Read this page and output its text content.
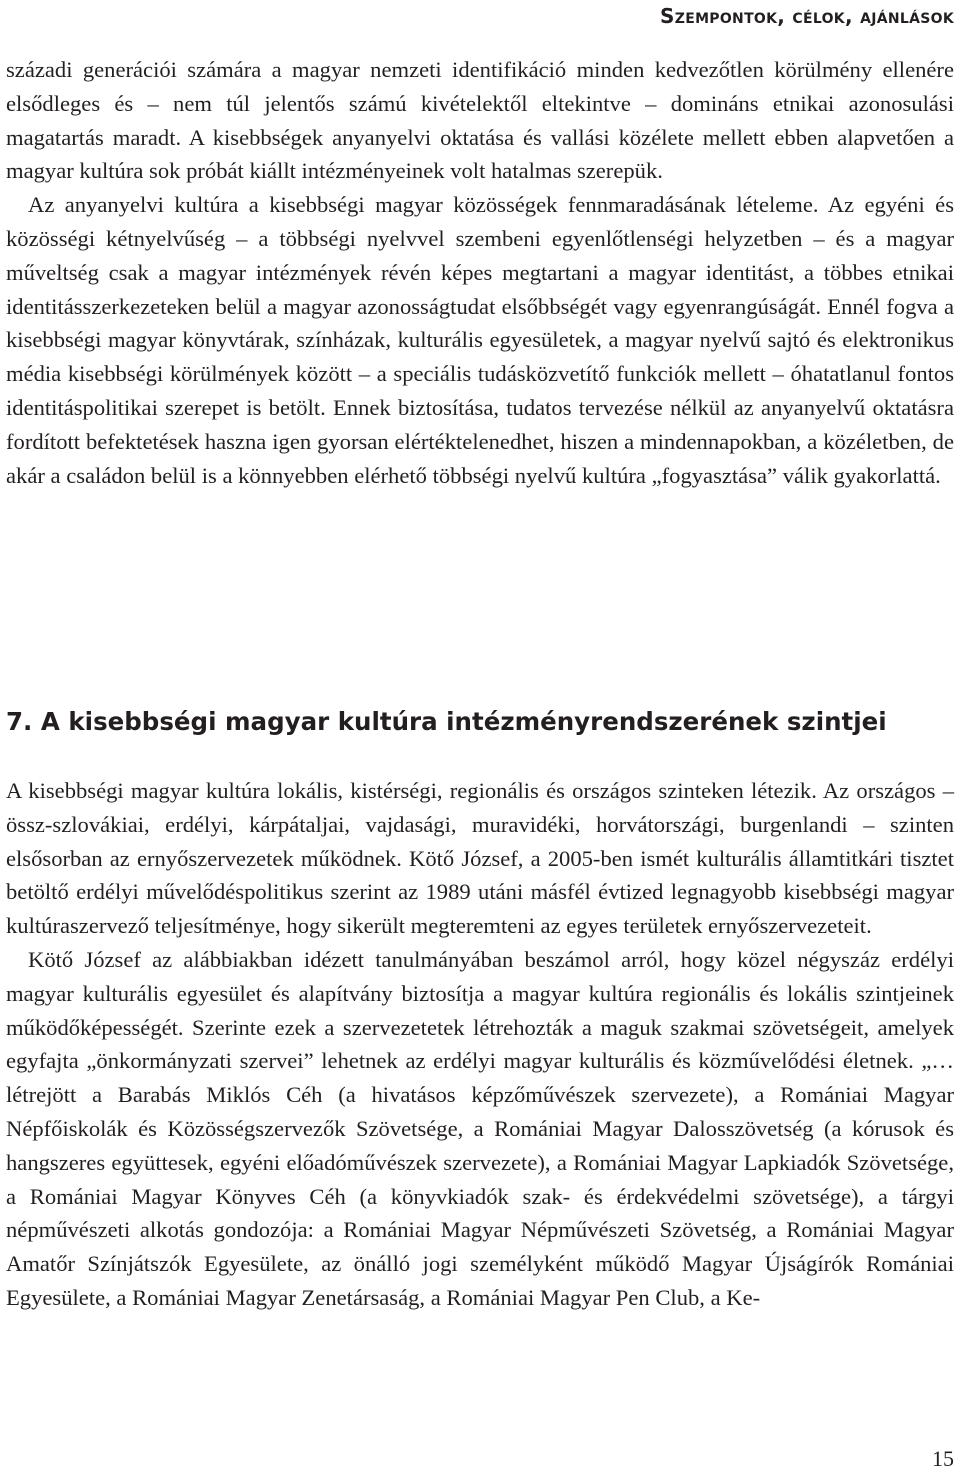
Szempontok, célok, ajánlások

századi generációi számára a magyar nemzeti identifikáció minden kedvezőtlen körülmény ellenére elsődleges és – nem túl jelentős számú kivételektől eltekintve – domináns etnikai azonosulási magatartás maradt. A kisebbségek anyanyelvi oktatása és vallási közélete mellett ebben alapvetően a magyar kultúra sok próbát kiállt intézményeinek volt hatalmas szerepük.

Az anyanyelvi kultúra a kisebbségi magyar közösségek fennmaradásának lételeme. Az egyéni és közösségi kétnyelvűség – a többségi nyelvvel szembeni egyenlőtlenségi helyzetben – és a magyar műveltség csak a magyar intézmények révén képes megtartani a magyar identitást, a többes etnikai identitásszerkezeteken belül a magyar azonosságtudat elsőbbségét vagy egyenrangúságát. Ennél fogva a kisebbségi magyar könyvtárak, színházak, kulturális egyesületek, a magyar nyelvű sajtó és elektronikus média kisebbségi körülmények között – a speciális tudásközvetítő funkciók mellett – óhatatlanul fontos identitáspolitikai szerepet is betölt. Ennek biztosítása, tudatos tervezése nélkül az anyanyelvű oktatásra fordított befektetések haszna igen gyorsan elértéktelenedhet, hiszen a mindennapokban, a közéletben, de akár a családon belül is a könnyebben elérhető többségi nyelvű kultúra „fogyasztása” válik gyakorlattá.

7. A kisebbségi magyar kultúra intézményrendszerének szintjei

A kisebbségi magyar kultúra lokális, kistérségi, regionális és országos szinteken létezik. Az országos – össz-szlovákiai, erdélyi, kárpátaljai, vajdasági, muravidéki, horvátországi, burgenlandi – szinten elsősorban az ernyőszervezetek működnek. Kötő József, a 2005-ben ismét kulturális államtitkári tisztet betöltő erdélyi művelődéspolitikus szerint az 1989 utáni másfél évtized legnagyobb kisebbségi magyar kultúraszervező teljesítménye, hogy sikerült megteremteni az egyes területek ernyőszervezeteit.

Kötő József az alábbiakban idézett tanulmányában beszámol arról, hogy közel négyszáz erdélyi magyar kulturális egyesület és alapítvány biztosítja a magyar kultúra regionális és lokális szintjeinek működőképességét. Szerinte ezek a szervezetetek létrehozták a maguk szakmai szövetségeit, amelyek egyfajta „önkormányzati szervei” lehetnek az erdélyi magyar kulturális és közművelődési életnek. „… létrejött a Barabás Miklós Céh (a hivatásos képzőművészek szervezete), a Romániai Magyar Népfőiskolák és Közösségszervezők Szövetsége, a Romániai Magyar Dalosszövetség (a kórusok és hangszeres együttesek, egyéni előadóművészek szervezete), a Romániai Magyar Lapkiadók Szövetsége, a Romániai Magyar Könyves Céh (a könyvkiadók szak- és érdekvédelmi szövetsége), a tárgyi népművészeti alkotás gondozója: a Romániai Magyar Népművészeti Szövetség, a Romániai Magyar Amatőr Színjátszók Egyesülete, az önálló jogi személyként működő Magyar Újságírók Romániai Egyesülete, a Romániai Magyar Zenetársaság, a Romániai Magyar Pen Club, a Ke-

15
